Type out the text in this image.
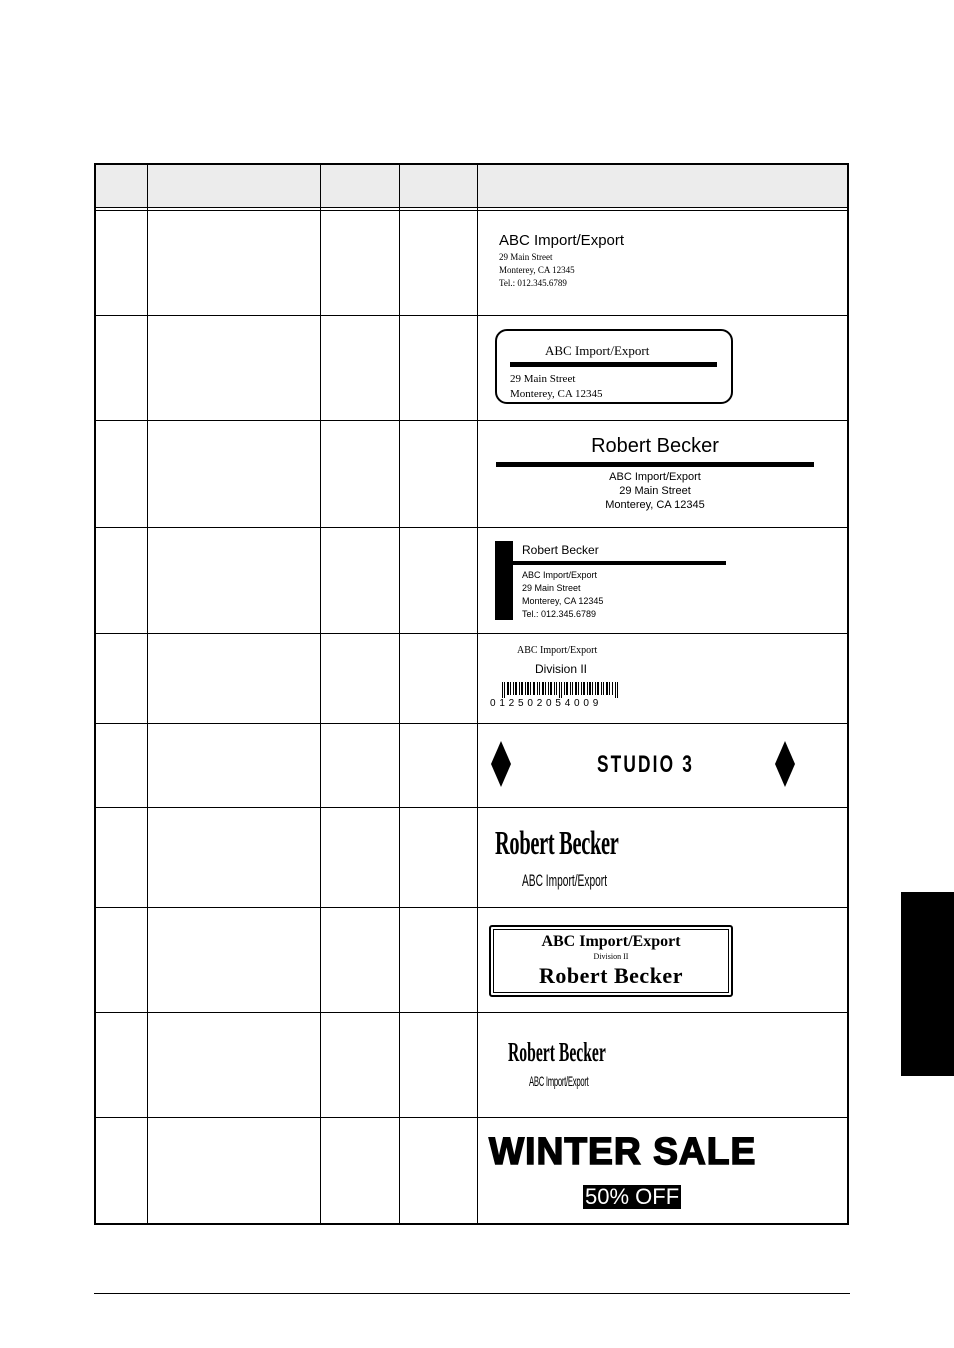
ABC Import/Export
29 Main Street
Monterey, CA 12345
Tel.: 012.345.6789
ABC Import/Export
29 Main Street
Monterey, CA 12345
Robert Becker
ABC Import/Export
29 Main Street
Monterey, CA 12345
Robert Becker
ABC Import/Export
29 Main Street
Monterey, CA 12345
Tel.: 012.345.6789
ABC Import/Export
Division II
0 1 2 5 0 2 0 5 4 0 0 9
STUDIO 3
Robert Becker
ABC Import/Export
ABC Import/Export
Division II
Robert Becker
Robert Becker
ABC Import/Export
WINTER SALE
50% OFF
